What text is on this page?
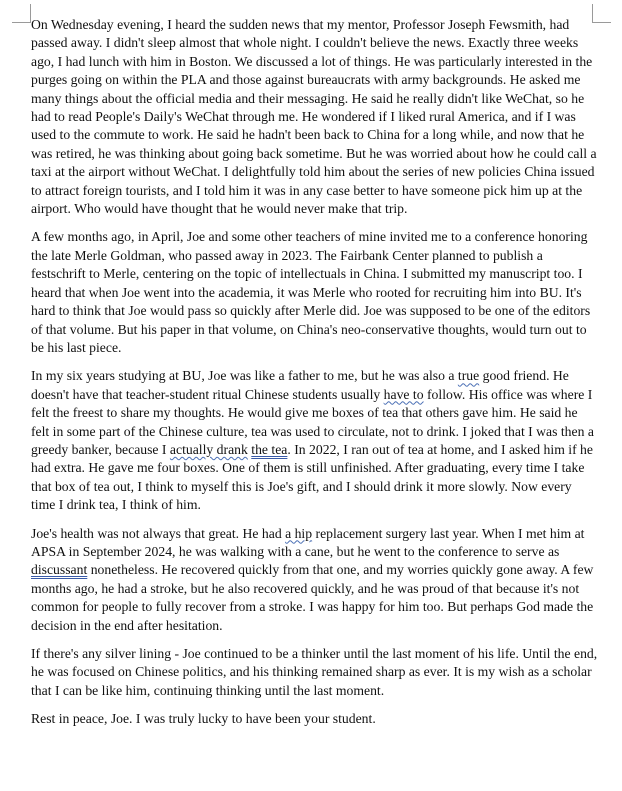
On Wednesday evening, I heard the sudden news that my mentor, Professor Joseph Fewsmith, had passed away. I didn't sleep almost that whole night. I couldn't believe the news. Exactly three weeks ago, I had lunch with him in Boston. We discussed a lot of things. He was particularly interested in the purges going on within the PLA and those against bureaucrats with army backgrounds. He asked me many things about the official media and their messaging. He said he really didn't like WeChat, so he had to read People's Daily's WeChat through me. He wondered if I liked rural America, and if I was used to the commute to work. He said he hadn't been back to China for a long while, and now that he was retired, he was thinking about going back sometime. But he was worried about how he could call a taxi at the airport without WeChat. I delightfully told him about the series of new policies China issued to attract foreign tourists, and I told him it was in any case better to have someone pick him up at the airport. Who would have thought that he would never make that trip.

A few months ago, in April, Joe and some other teachers of mine invited me to a conference honoring the late Merle Goldman, who passed away in 2023. The Fairbank Center planned to publish a festschrift to Merle, centering on the topic of intellectuals in China. I submitted my manuscript too. I heard that when Joe went into the academia, it was Merle who rooted for recruiting him into BU. It's hard to think that Joe would pass so quickly after Merle did. Joe was supposed to be one of the editors of that volume. But his paper in that volume, on China's neo-conservative thoughts, would turn out to be his last piece.

In my six years studying at BU, Joe was like a father to me, but he was also a true good friend. He doesn't have that teacher-student ritual Chinese students usually have to follow. His office was where I felt the freest to share my thoughts. He would give me boxes of tea that others gave him. He said he felt in some part of the Chinese culture, tea was used to circulate, not to drink. I joked that I was then a greedy banker, because I actually drank the tea. In 2022, I ran out of tea at home, and I asked him if he had extra. He gave me four boxes. One of them is still unfinished. After graduating, every time I take that box of tea out, I think to myself this is Joe's gift, and I should drink it more slowly. Now every time I drink tea, I think of him.

Joe's health was not always that great. He had a hip replacement surgery last year. When I met him at APSA in September 2024, he was walking with a cane, but he went to the conference to serve as discussant nonetheless. He recovered quickly from that one, and my worries quickly gone away. A few months ago, he had a stroke, but he also recovered quickly, and he was proud of that because it's not common for people to fully recover from a stroke. I was happy for him too. But perhaps God made the decision in the end after hesitation.

If there's any silver lining - Joe continued to be a thinker until the last moment of his life. Until the end, he was focused on Chinese politics, and his thinking remained sharp as ever. It is my wish as a scholar that I can be like him, continuing thinking until the last moment.

Rest in peace, Joe. I was truly lucky to have been your student.
